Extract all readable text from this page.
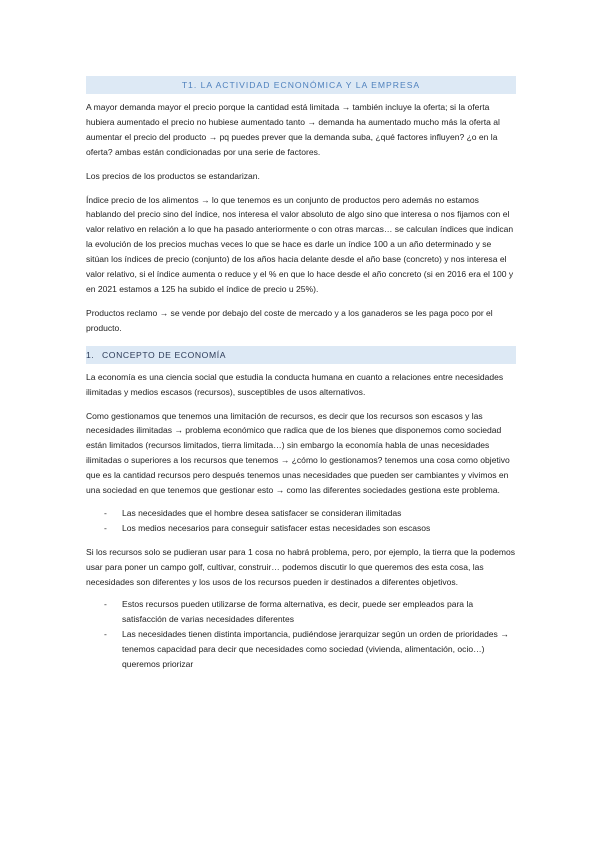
T1. LA ACTIVIDAD ECNONÓMICA Y LA EMPRESA

A mayor demanda mayor el precio porque la cantidad está limitada → también incluye la oferta; si la oferta hubiera aumentado el precio no hubiese aumentado tanto → demanda ha aumentado mucho más la oferta al aumentar el precio del producto → pq puedes prever que la demanda suba, ¿qué factores influyen? ¿o en la oferta? ambas están condicionadas por una serie de factores.

Los precios de los productos se estandarizan.

Índice precio de los alimentos → lo que tenemos es un conjunto de productos pero además no estamos hablando del precio sino del índice, nos interesa el valor absoluto de algo sino que interesa o nos fijamos con el valor relativo en relación a lo que ha pasado anteriormente o con otras marcas… se calculan índices que indican la evolución de los precios muchas veces lo que se hace es darle un índice 100 a un año determinado y se sitúan los índices de precio (conjunto) de los años hacia delante desde el año base (concreto) y nos interesa el valor relativo, si el índice aumenta o reduce y el % en que lo hace desde el año concreto (si en 2016 era el 100 y en 2021 estamos a 125 ha subido el índice de precio u 25%).

Productos reclamo → se vende por debajo del coste de mercado y a los ganaderos se les paga poco por el producto.

1. CONCEPTO DE ECONOMÍA

La economía es una ciencia social que estudia la conducta humana en cuanto a relaciones entre necesidades ilimitadas y medios escasos (recursos), susceptibles de usos alternativos.

Como gestionamos que tenemos una limitación de recursos, es decir que los recursos son escasos y las necesidades ilimitadas → problema económico que radica que de los bienes que disponemos como sociedad están limitados (recursos limitados, tierra limitada…) sin embargo la economía habla de unas necesidades ilimitadas o superiores a los recursos que tenemos → ¿cómo lo gestionamos? tenemos una cosa como objetivo que es la cantidad recursos pero después tenemos unas necesidades que pueden ser cambiantes y vivimos en una sociedad en que tenemos que gestionar esto → como las diferentes sociedades gestiona este problema.

- Las necesidades que el hombre desea satisfacer se consideran ilimitadas
- Los medios necesarios para conseguir satisfacer estas necesidades son escasos

Si los recursos solo se pudieran usar para 1 cosa no habrá problema, pero, por ejemplo, la tierra que la podemos usar para poner un campo golf, cultivar, construir… podemos discutir lo que queremos des esta cosa, las necesidades son diferentes y los usos de los recursos pueden ir destinados a diferentes objetivos.

- Estos recursos pueden utilizarse de forma alternativa, es decir, puede ser empleados para la satisfacción de varias necesidades diferentes
- Las necesidades tienen distinta importancia, pudiéndose jerarquizar según un orden de prioridades → tenemos capacidad para decir que necesidades como sociedad (vivienda, alimentación, ocio…) queremos priorizar
